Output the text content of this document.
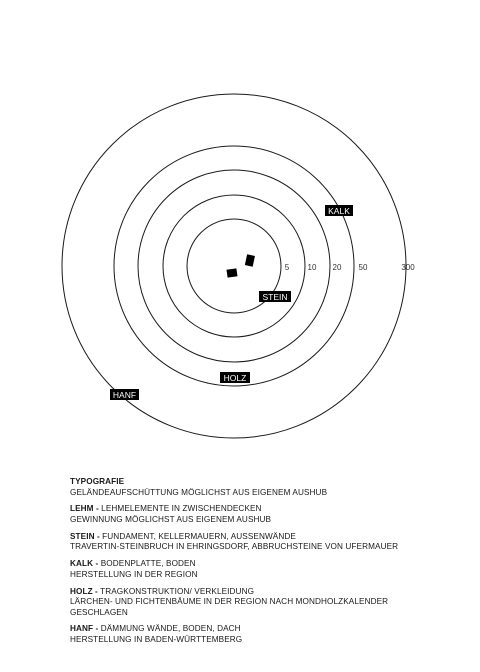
5 10 20 50	300
KALK
STEIN
HOLZ
HANF
TYPOGRAFIE
GELÄNDEAUFSCHÜTTUNG MÖGLICHST AUS EIGENEM AUSHUB
LEHM - LEHMELEMENTE IN ZWISCHENDECKEN
GEWINNUNG MÖGLICHST AUS EIGENEM AUSHUB
STEIN - FUNDAMENT, KELLERMAUERN, AUSSENWÄNDE
TRAVERTIN-STEINBRUCH IN EHRINGSDORF, ABBRUCHSTEINE VON UFERMAUER
KALK - BODENPLATTE, BODEN
HERSTELLUNG IN DER REGION
HOLZ - TRAGKONSTRUKTION/ VERKLEIDUNG
LÄRCHEN- UND FICHTENBÄUME IN DER REGION NACH MONDHOLZKALENDER
GESCHLAGEN
HANF - DÄMMUNG WÄNDE, BODEN, DACH
HERSTELLUNG IN BADEN-WÜRTTEMBERG
